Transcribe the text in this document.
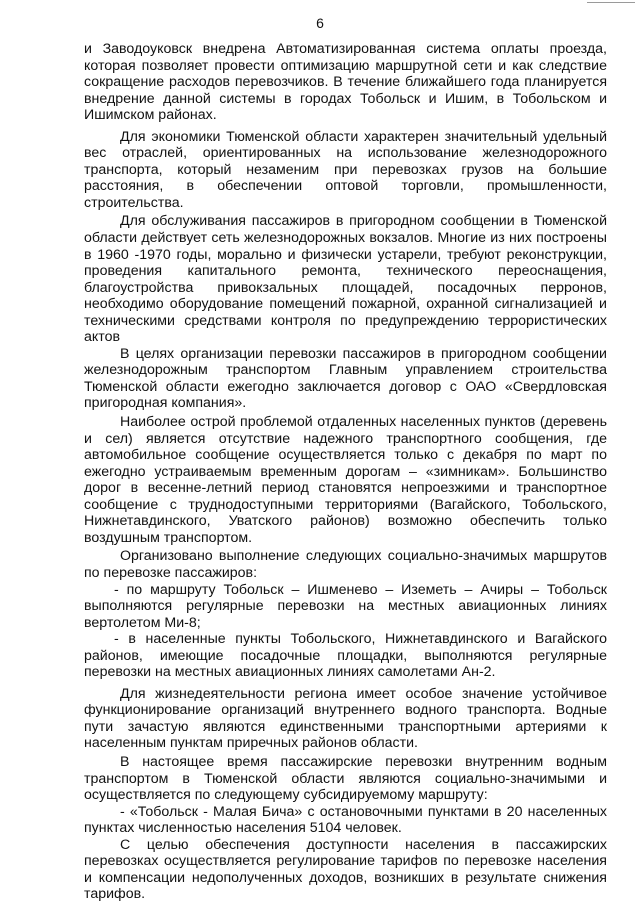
6

и Заводоуковск внедрена Автоматизированная система оплаты проезда, которая позволяет провести оптимизацию маршрутной сети и как следствие сокращение расходов перевозчиков. В течение ближайшего года планируется внедрение данной системы в городах Тобольск и Ишим, в Тобольском и Ишимском районах.

Для экономики Тюменской области характерен значительный удельный вес отраслей, ориентированных на использование железнодорожного транспорта, который незаменим при перевозках грузов на большие расстояния, в обеспечении оптовой торговли, промышленности, строительства.

Для обслуживания пассажиров в пригородном сообщении в Тюменской области действует сеть железнодорожных вокзалов. Многие из них построены в 1960 -1970 годы, морально и физически устарели, требуют реконструкции, проведения капитального ремонта, технического переоснащения, благоустройства привокзальных площадей, посадочных перронов, необходимо оборудование помещений пожарной, охранной сигнализацией и техническими средствами контроля по предупреждению террористических актов

В целях организации перевозки пассажиров в пригородном сообщении железнодорожным транспортом Главным управлением строительства Тюменской области ежегодно заключается договор с ОАО «Свердловская пригородная компания».

Наиболее острой проблемой отдаленных населенных пунктов (деревень и сел) является отсутствие надежного транспортного сообщения, где автомобильное сообщение осуществляется только с декабря по март по ежегодно устраиваемым временным дорогам – «зимникам». Большинство дорог в весенне-летний период становятся непроезжими и транспортное сообщение с труднодоступными территориями (Вагайского, Тобольского, Нижнетавдинского, Уватского районов) возможно обеспечить только воздушным транспортом.

Организовано выполнение следующих социально-значимых маршрутов по перевозке пассажиров:

- по маршруту Тобольск – Ишменево – Иземеть – Ачиры – Тобольск выполняются регулярные перевозки на местных авиационных линиях вертолетом Ми-8;

- в населенные пункты Тобольского, Нижнетавдинского и Вагайского районов, имеющие посадочные площадки, выполняются регулярные перевозки на местных авиационных линиях самолетами Ан-2.

Для жизнедеятельности региона имеет особое значение устойчивое функционирование организаций внутреннего водного транспорта. Водные пути зачастую являются единственными транспортными артериями к населенным пунктам приречных районов области.

В настоящее время пассажирские перевозки внутренним водным транспортом в Тюменской области являются социально-значимыми и осуществляется по следующему субсидируемому маршруту:

- «Тобольск - Малая Бича» с остановочными пунктами в 20 населенных пунктах численностью населения 5104 человек.

С целью обеспечения доступности населения в пассажирских перевозках осуществляется регулирование тарифов по перевозке населения и компенсации недополученных доходов, возникших в результате снижения тарифов.
